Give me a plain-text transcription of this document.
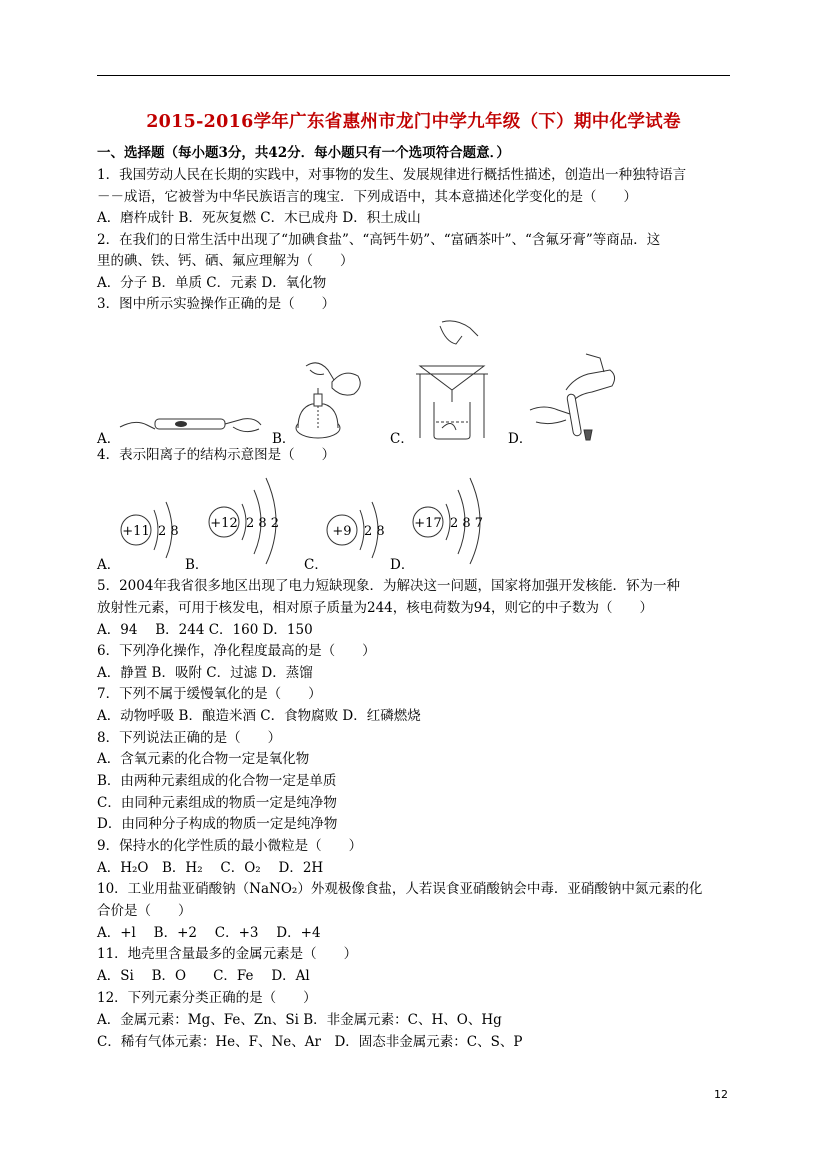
2015-2016学年广东省惠州市龙门中学九年级（下）期中化学试卷
一、选择题（每小题3分，共42分．每小题只有一个选项符合题意．）
1．我国劳动人民在长期的实践中，对事物的发生、发展规律进行概括性描述，创造出一种独特语言
－－成语，它被誉为中华民族语言的瑰宝．下列成语中，其本意描述化学变化的是（　　）
A．磨杵成针 B．死灰复燃 C．木已成舟 D．积土成山
2．在我们的日常生活中出现了“加碘食盐”、“高钙牛奶”、“富硒茶叶”、“含氟牙膏”等商品．这
里的碘、铁、钙、硒、氟应理解为（　　）
A．分子 B．单质 C．元素 D．氧化物
3．图中所示实验操作正确的是（　　）
A．	B．	C．	D．
4．表示阳离子的结构示意图是（　　）
A．	B．	C．	D．
+11 2 8
+12 2 8 2
+9 2 8
+17 2 8 7
5．2004年我省很多地区出现了电力短缺现象．为解决这一问题，国家将加强开发核能．钚为一种
放射性元素，可用于核发电，相对原子质量为244，核电荷数为94，则它的中子数为（　　）
A．94　 B．244 C．160 D．150
6．下列净化操作，净化程度最高的是（　　）
A．静置 B．吸附 C．过滤 D．蒸馏
7．下列不属于缓慢氧化的是（　　）
A．动物呼吸 B．酿造米酒 C．食物腐败 D．红磷燃烧
8．下列说法正确的是（　　）
A．含氧元素的化合物一定是氧化物
B．由两种元素组成的化合物一定是单质
C．由同种元素组成的物质一定是纯净物
D．由同种分子构成的物质一定是纯净物
9．保持水的化学性质的最小微粒是（　　）
A．H₂O　B．H₂　 C．O₂　 D．2H
10．工业用盐亚硝酸钠（NaNO₂）外观极像食盐，人若误食亚硝酸钠会中毒．亚硝酸钠中氮元素的化
合价是（　　）
A．+l　 B．+2　 C．+3　 D．+4
11．地壳里含量最多的金属元素是（　　）
A．Si　 B．O　　C．Fe　 D．Al
12．下列元素分类正确的是（　　）
A．金属元素：Mg、Fe、Zn、Si B．非金属元素：C、H、O、Hg
C．稀有气体元素：He、F、Ne、Ar　D．固态非金属元素：C、S、P
12
